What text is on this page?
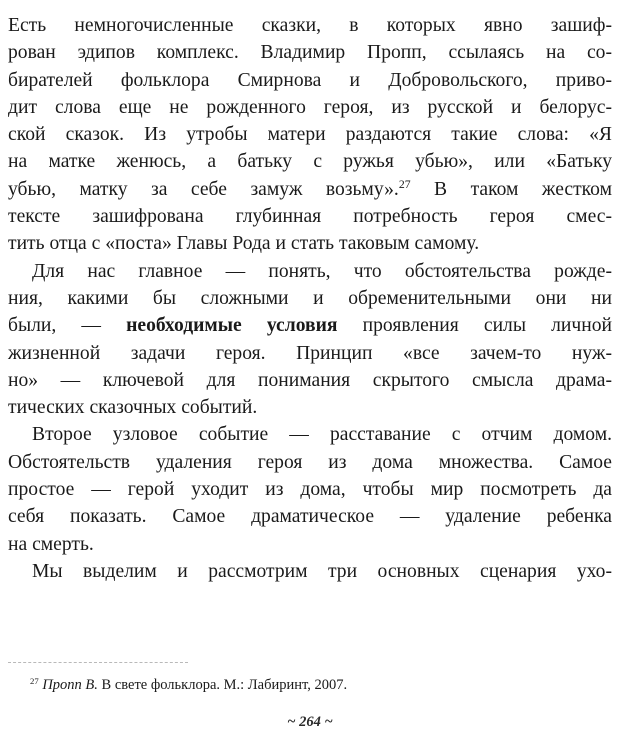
Есть немногочисленные сказки, в которых явно зашиф-
рован эдипов комплекс. Владимир Пропп, ссылаясь на со-
бирателей фольклора Смирнова и Добровольского, приво-
дит слова еще не рожденного героя, из русской и белорус-
ской сказок. Из утробы матери раздаются такие слова: «Я
на матке женюсь, а батьку с ружья убью», или «Батьку
убью, матку за себе замуж возьму».$^{27}$ В таком жестком
тексте зашифрована глубинная потребность героя смес-
тить отца с «поста» Главы Рода и стать таковым самому.
Для нас главное — понять, что обстоятельства рожде-
ния, какими бы сложными и обременительными они ни
были, — необходимые условия проявления силы личной
жизненной задачи героя. Принцип «все зачем-то нуж-
но» — ключевой для понимания скрытого смысла драма-
тических сказочных событий.
Второе узловое событие — расставание с отчим домом.
Обстоятельств удаления героя из дома множества. Самое
простое — герой уходит из дома, чтобы мир посмотреть да
себя показать. Самое драматическое — удаление ребенка
на смерть.
Мы выделим и рассмотрим три основных сценария ухо-
$^{27}$ Пропп В. В свете фольклора. М.: Лабиринт, 2007.
~ 264 ~
